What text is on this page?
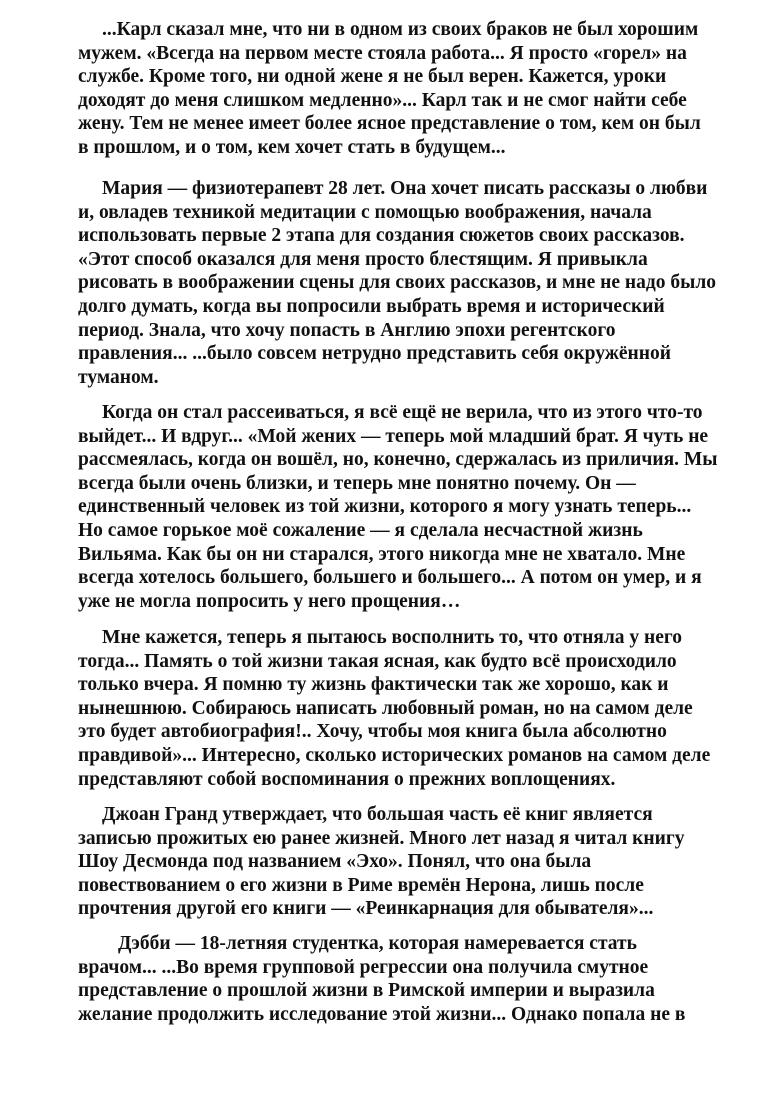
...Карл сказал мне, что ни в одном из своих браков не был хорошим
мужем. «Всегда на первом месте стояла работа... Я просто «горел» на
службе. Кроме того, ни одной жене я не был верен. Кажется, уроки
доходят до меня слишком медленно»... Карл так и не смог найти себе
жену. Тем не менее имеет более ясное представление о том, кем он был
в прошлом, и о том, кем хочет стать в будущем...
Мария — физиотерапевт 28 лет. Она хочет писать рассказы о любви
и, овладев техникой медитации с помощью воображения, начала
использовать первые 2 этапа для создания сюжетов своих рассказов.
«Этот способ оказался для меня просто блестящим. Я привыкла
рисовать в воображении сцены для своих рассказов, и мне не надо было
долго думать, когда вы попросили выбрать время и исторический
период. Знала, что хочу попасть в Англию эпохи регентского
правления... ...было совсем нетрудно представить себя окружённой
туманом.
Когда он стал рассеиваться, я всё ещё не верила, что из этого что-то
выйдет... И вдруг... «Мой жених — теперь мой младший брат. Я чуть не
рассмеялась, когда он вошёл, но, конечно, сдержалась из приличия. Мы
всегда были очень близки, и теперь мне понятно почему. Он —
единственный человек из той жизни, которого я могу узнать теперь...
Но самое горькое моё сожаление — я сделала несчастной жизнь
Вильяма. Как бы он ни старался, этого никогда мне не хватало. Мне
всегда хотелось большего, большего и большего... А потом он умер, и я
уже не могла попросить у него прощения…
Мне кажется, теперь я пытаюсь восполнить то, что отняла у него
тогда... Память о той жизни такая ясная, как будто всё происходило
только вчера. Я помню ту жизнь фактически так же хорошо, как и
нынешнюю. Собираюсь написать любовный роман, но на самом деле
это будет автобиография!.. Хочу, чтобы моя книга была абсолютно
правдивой»... Интересно, сколько исторических романов на самом деле
представляют собой воспоминания о прежних воплощениях.
Джоан Гранд утверждает, что большая часть её книг является
записью прожитых ею ранее жизней. Много лет назад я читал книгу
Шоу Десмонда под названием «Эхо». Понял, что она была
повествованием о его жизни в Риме времён Нерона, лишь после
прочтения другой его книги — «Реинкарнация для обывателя»...
Дэбби — 18-летняя студентка, которая намеревается стать
врачом... ...Во время групповой регрессии она получила смутное
представление о прошлой жизни в Римской империи и выразила
желание продолжить исследование этой жизни... Однако попала не в
